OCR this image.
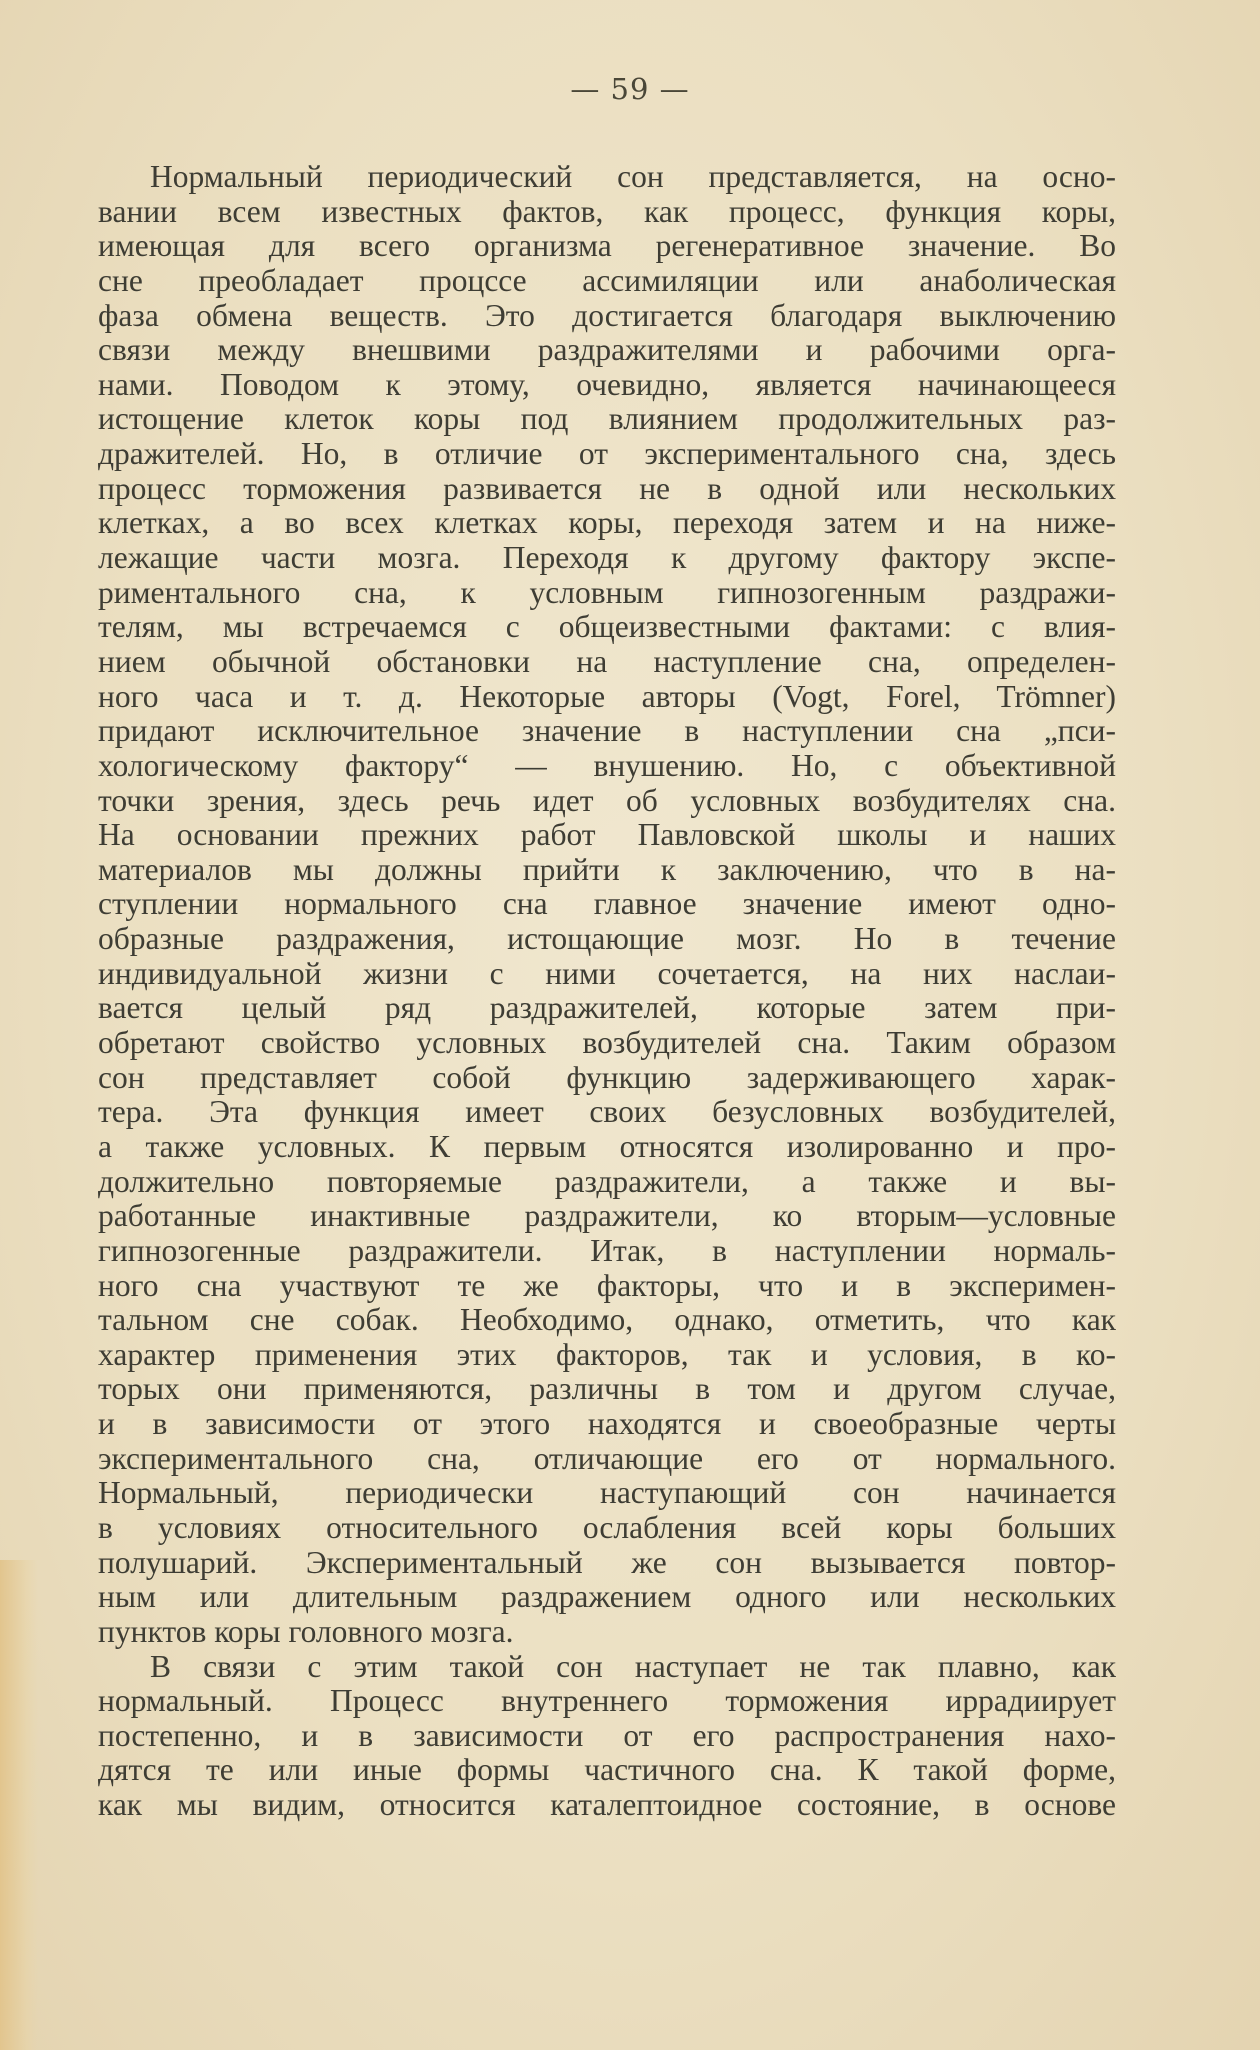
— 59 —
Нормальный периодический сон представляется, на осно-
вании всем известных фактов, как процесс, функция коры,
имеющая для всего организма регенеративное значение. Во
сне преобладает процссе ассимиляции или анаболическая
фаза обмена веществ. Это достигается благодаря выключению
связи между внешвими раздражителями и рабочими орга-
нами. Поводом к этому, очевидно, является начинающееся
истощение клеток коры под влиянием продолжительных раз-
дражителей. Но, в отличие от экспериментального сна, здесь
процесс торможения развивается не в одной или нескольких
клетках, а во всех клетках коры, переходя затем и на ниже-
лежащие части мозга. Переходя к другому фактору экспе-
риментального сна, к условным гипнозогенным раздражи-
телям, мы встречаемся с общеизвестными фактами: с влия-
нием обычной обстановки на наступление сна, определен-
ного часа и т. д. Некоторые авторы (Vogt, Forel, Trömner)
придают исключительное значение в наступлении сна „пси-
хологическому фактору“ — внушению. Но, с объективной
точки зрения, здесь речь идет об условных возбудителях сна.
На основании прежних работ Павловской школы и наших
материалов мы должны прийти к заключению, что в на-
ступлении нормального сна главное значение имеют одно-
образные раздражения, истощающие мозг. Но в течение
индивидуальной жизни с ними сочетается, на них наслаи-
вается целый ряд раздражителей, которые затем при-
обретают свойство условных возбудителей сна. Таким образом
сон представляет собой функцию задерживающего харак-
тера. Эта функция имеет своих безусловных возбудителей,
а также условных. К первым относятся изолированно и про-
должительно повторяемые раздражители, а также и вы-
работанные инактивные раздражители, ко вторым—условные
гипнозогенные раздражители. Итак, в наступлении нормаль-
ного сна участвуют те же факторы, что и в эксперимен-
тальном сне собак. Необходимо, однако, отметить, что как
характер применения этих факторов, так и условия, в ко-
торых они применяются, различны в том и другом случае,
и в зависимости от этого находятся и своеобразные черты
экспериментального сна, отличающие его от нормального.
Нормальный, периодически наступающий сон начинается
в условиях относительного ослабления всей коры больших
полушарий. Экспериментальный же сон вызывается повтор-
ным или длительным раздражением одного или нескольких
пунктов коры головного мозга.
В связи с этим такой сон наступает не так плавно, как
нормальный. Процесс внутреннего торможения иррадиирует
постепенно, и в зависимости от его распространения нахо-
дятся те или иные формы частичного сна. К такой форме,
как мы видим, относится каталептоидное состояние, в основе
